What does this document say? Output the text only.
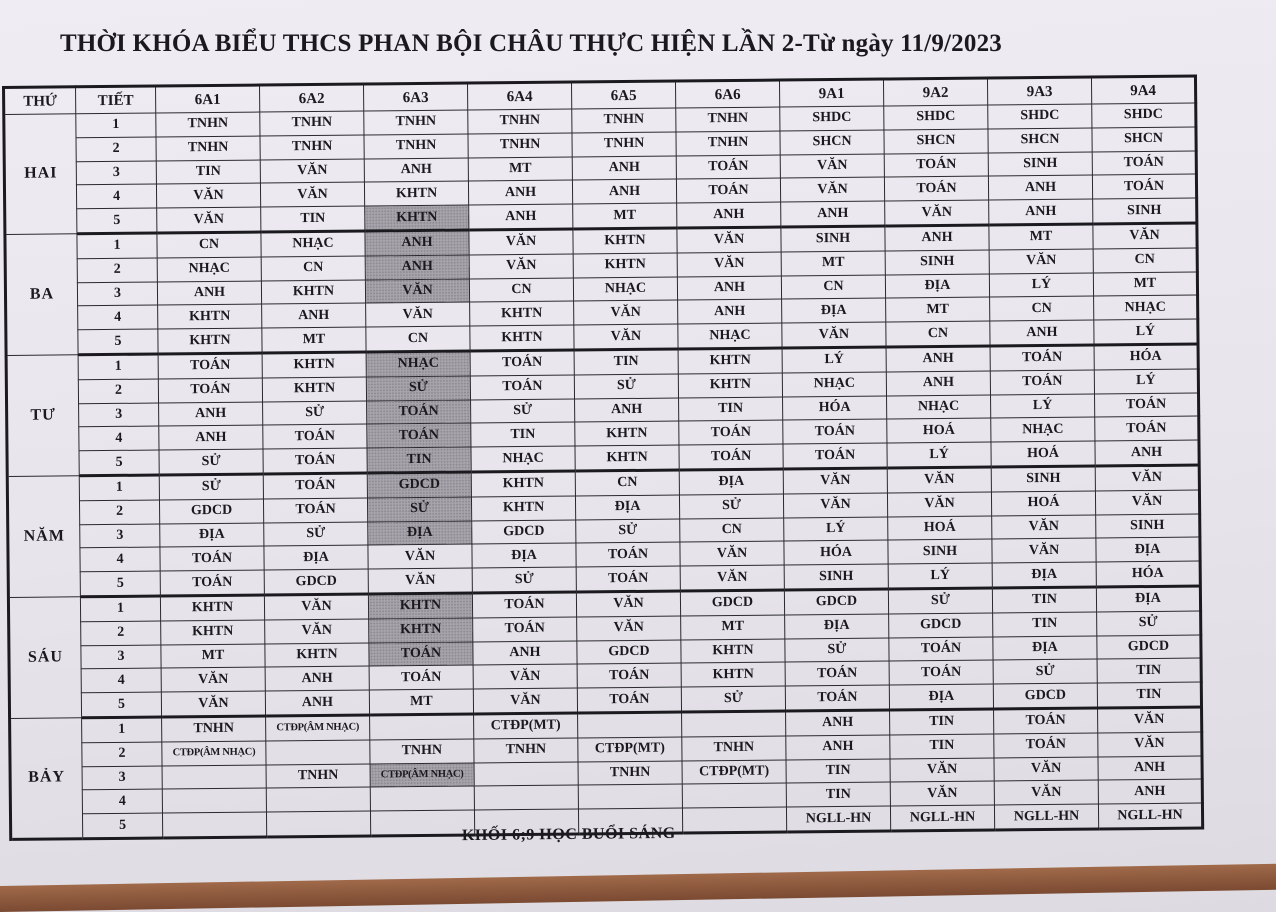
THỜI KHÓA BIỂU THCS PHAN BỘI CHÂU THỰC HIỆN LẦN 2-Từ ngày 11/9/2023
THỨ	TIẾT	6A1	6A2	6A3	6A4	6A5	6A6	9A1	9A2	9A3	9A4
HAI	1	TNHN	TNHN	TNHN	TNHN	TNHN	TNHN	SHDC	SHDC	SHDC	SHDC
	2	TNHN	TNHN	TNHN	TNHN	TNHN	TNHN	SHCN	SHCN	SHCN	SHCN
	3	TIN	VĂN	ANH	MT	ANH	TOÁN	VĂN	TOÁN	SINH	TOÁN
	4	VĂN	VĂN	KHTN	ANH	ANH	TOÁN	VĂN	TOÁN	ANH	TOÁN
	5	VĂN	TIN	KHTN	ANH	MT	ANH	ANH	VĂN	ANH	SINH
BA	1	CN	NHẠC	ANH	VĂN	KHTN	VĂN	SINH	ANH	MT	VĂN
	2	NHẠC	CN	ANH	VĂN	KHTN	VĂN	MT	SINH	VĂN	CN
	3	ANH	KHTN	VĂN	CN	NHẠC	ANH	CN	ĐỊA	LÝ	MT
	4	KHTN	ANH	VĂN	KHTN	VĂN	ANH	ĐỊA	MT	CN	NHẠC
	5	KHTN	MT	CN	KHTN	VĂN	NHẠC	VĂN	CN	ANH	LÝ
TƯ	1	TOÁN	KHTN	NHẠC	TOÁN	TIN	KHTN	LÝ	ANH	TOÁN	HÓA
	2	TOÁN	KHTN	SỬ	TOÁN	SỬ	KHTN	NHẠC	ANH	TOÁN	LÝ
	3	ANH	SỬ	TOÁN	SỬ	ANH	TIN	HÓA	NHẠC	LÝ	TOÁN
	4	ANH	TOÁN	TOÁN	TIN	KHTN	TOÁN	TOÁN	HOÁ	NHẠC	TOÁN
	5	SỬ	TOÁN	TIN	NHẠC	KHTN	TOÁN	TOÁN	LÝ	HOÁ	ANH
NĂM	1	SỬ	TOÁN	GDCD	KHTN	CN	ĐỊA	VĂN	VĂN	SINH	VĂN
	2	GDCD	TOÁN	SỬ	KHTN	ĐỊA	SỬ	VĂN	VĂN	HOÁ	VĂN
	3	ĐỊA	SỬ	ĐỊA	GDCD	SỬ	CN	LÝ	HOÁ	VĂN	SINH
	4	TOÁN	ĐỊA	VĂN	ĐỊA	TOÁN	VĂN	HÓA	SINH	VĂN	ĐỊA
	5	TOÁN	GDCD	VĂN	SỬ	TOÁN	VĂN	SINH	LÝ	ĐỊA	HÓA
SÁU	1	KHTN	VĂN	KHTN	TOÁN	VĂN	GDCD	GDCD	SỬ	TIN	ĐỊA
	2	KHTN	VĂN	KHTN	TOÁN	VĂN	MT	ĐỊA	GDCD	TIN	SỬ
	3	MT	KHTN	TOÁN	ANH	GDCD	KHTN	SỬ	TOÁN	ĐỊA	GDCD
	4	VĂN	ANH	TOÁN	VĂN	TOÁN	KHTN	TOÁN	TOÁN	SỬ	TIN
	5	VĂN	ANH	MT	VĂN	TOÁN	SỬ	TOÁN	ĐỊA	GDCD	TIN
BẢY	1	TNHN	CTĐP(ÂM NHẠC)		CTĐP(MT)			ANH	TIN	TOÁN	VĂN
	2	CTĐP(ÂM NHẠC)		TNHN	TNHN	CTĐP(MT)	TNHN	ANH	TIN	TOÁN	VĂN
	3		TNHN	CTĐP(ÂM NHẠC)		TNHN	CTĐP(MT)	TIN	VĂN	VĂN	ANH
	4							TIN	VĂN	VĂN	ANH
	5							NGLL-HN	NGLL-HN	NGLL-HN	NGLL-HN
KHỐI 6;9 HỌC BUỔI SÁNG
